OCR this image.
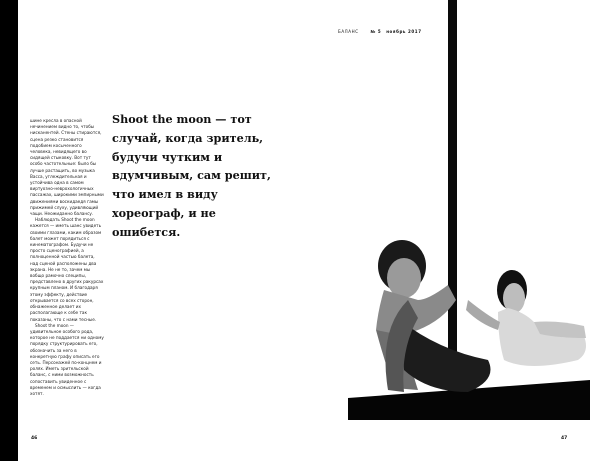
БАЛАНС	№ 5 ноябрь 2017

шине кресла в опасной нечинением видно то, чтобы нисканентей. Стены стираются, сцена резко становится подобием косыченного человека, невидящего во сидящей стыковку. Вот тут особо частотельные: было бы лучше растащить, во музыка Васса, углеждительная и устойчива одна в самом виртуозно-неврохологичных пассажах, широкими эмпирными движениями воскидаедя гамы прижимей слуху, удивляющий чащи. Неожиданно балансу.

Наблюдать Shoot the moon кажется — иметь шанс увидеть своими глазами, каким образом балет может порядиться с кинематографом. Будучи не просто сценографией, а полноценной частью балета, над сценой расположены два экрана. Не не то, зачем мы вобщо рамочно слеципы, представлено в других ракурсах крупным планом. И благодаря этому эффекту, действие открывается со всех сторон, обнаженное делает их располагающе к себе так показаны, что с нами тесные.

Shoot the moon —удивительное особого рода, которое не поддается ни одному порядку структурировать его, обозначить за него в конкретную графу опиcать его сеть. Персонажей по-концнем и ролях. Иметь зрительской баланс, с ними возможность сопоставить увиденное с временем и осмыслить — когда хотят.

Shoot the moon — тот случай, когда зритель, будучи чутким и вдумчивым, сам решит, что имел в виду хореограф, и не ошибется.

46	47
